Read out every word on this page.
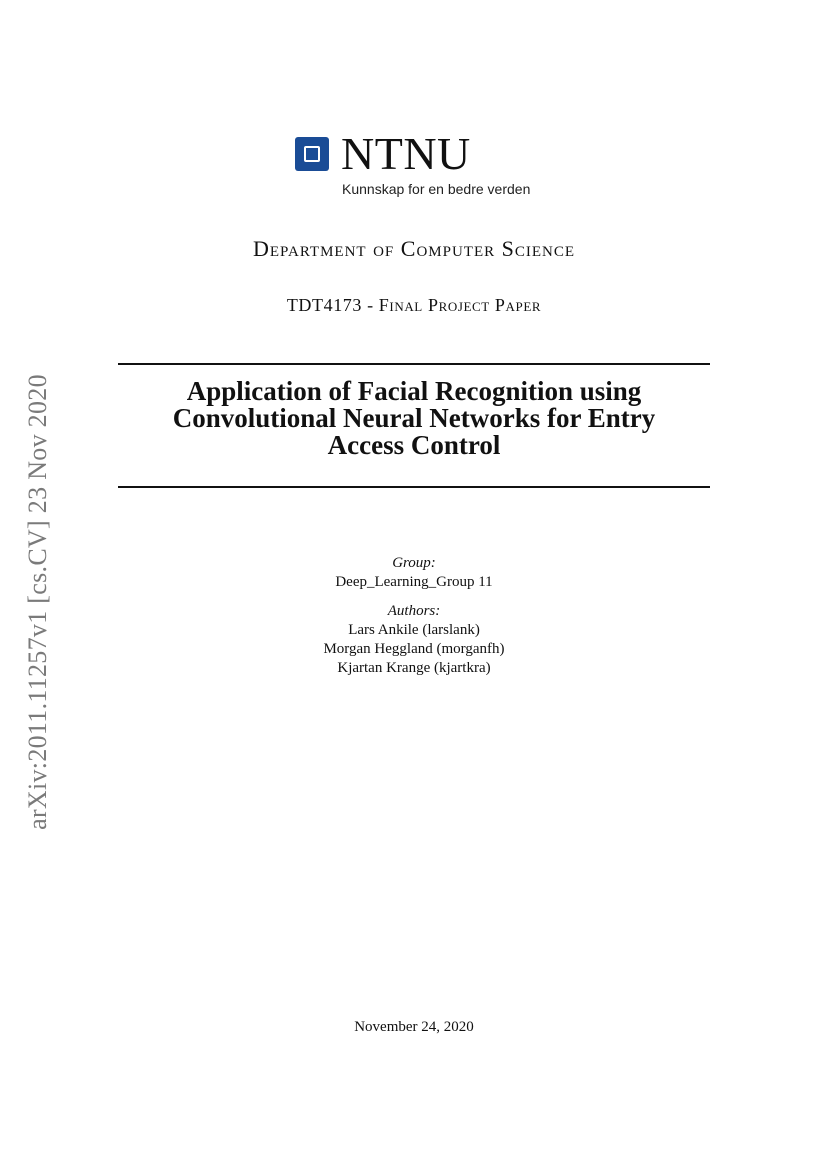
arXiv:2011.11257v1 [cs.CV] 23 Nov 2020
NTNU
Kunnskap for en bedre verden
Department of Computer Science
TDT4173 - Final Project Paper
Application of Facial Recognition using
Convolutional Neural Networks for Entry
Access Control
Group:
Deep_Learning_Group 11
Authors:
Lars Ankile (larslank)
Morgan Heggland (morganfh)
Kjartan Krange (kjartkra)
November 24, 2020
